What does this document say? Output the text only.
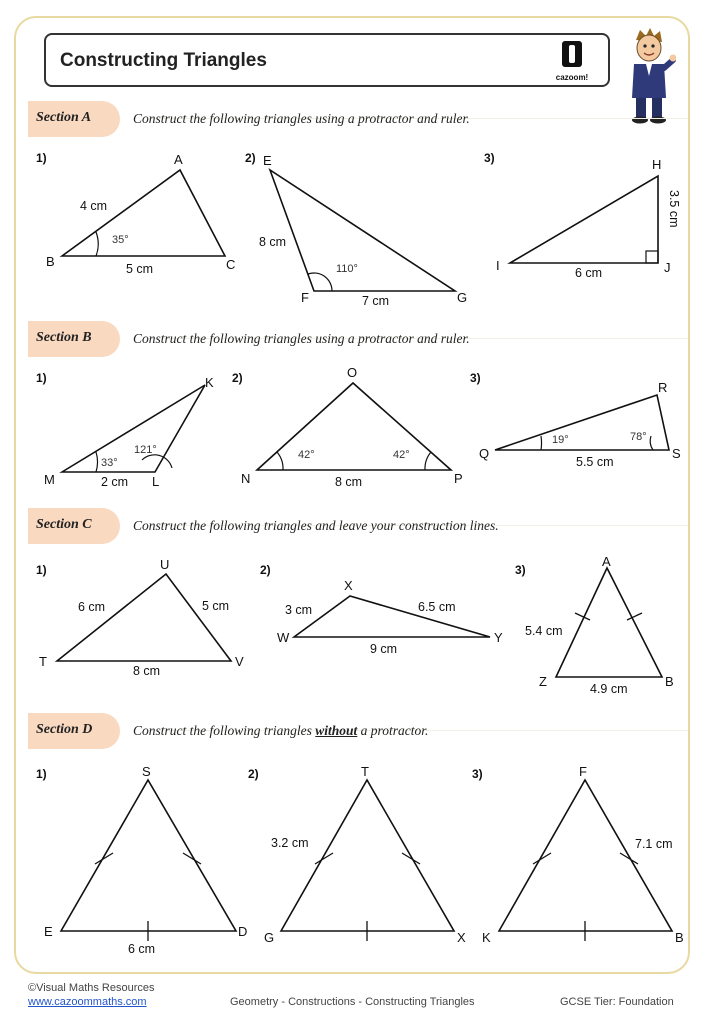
Constructing Triangles
cazoom!
Section A	Construct the following triangles using a protractor and ruler.
Section B	Construct the following triangles using a protractor and ruler.
Section C	Construct the following triangles and leave your construction lines.
Section D	Construct the following triangles without a protractor.
1)	A
B	C
4 cm
5 cm
35°
2) E
F	G
8 cm
7 cm
110°
3)	H
I	J
3.5 cm
6 cm
1)	K
M	L
2 cm
33°
121°
2)	O
N	P
8 cm
42°	42°
3)
R
Q	S
5.5 cm
19°	78°
1)	U
T	V
6 cm	5 cm
8 cm
2)
X
W	Y
3 cm	6.5 cm
9 cm
3)
A
Z	B
5.4 cm
4.9 cm
1)	S
E	D
6 cm
2)	T
G	X
3.2 cm
3)	F
K	B
7.1 cm
©Visual Maths Resources
www.cazoommaths.com	Geometry - Constructions - Constructing Triangles	GCSE Tier: Foundation
